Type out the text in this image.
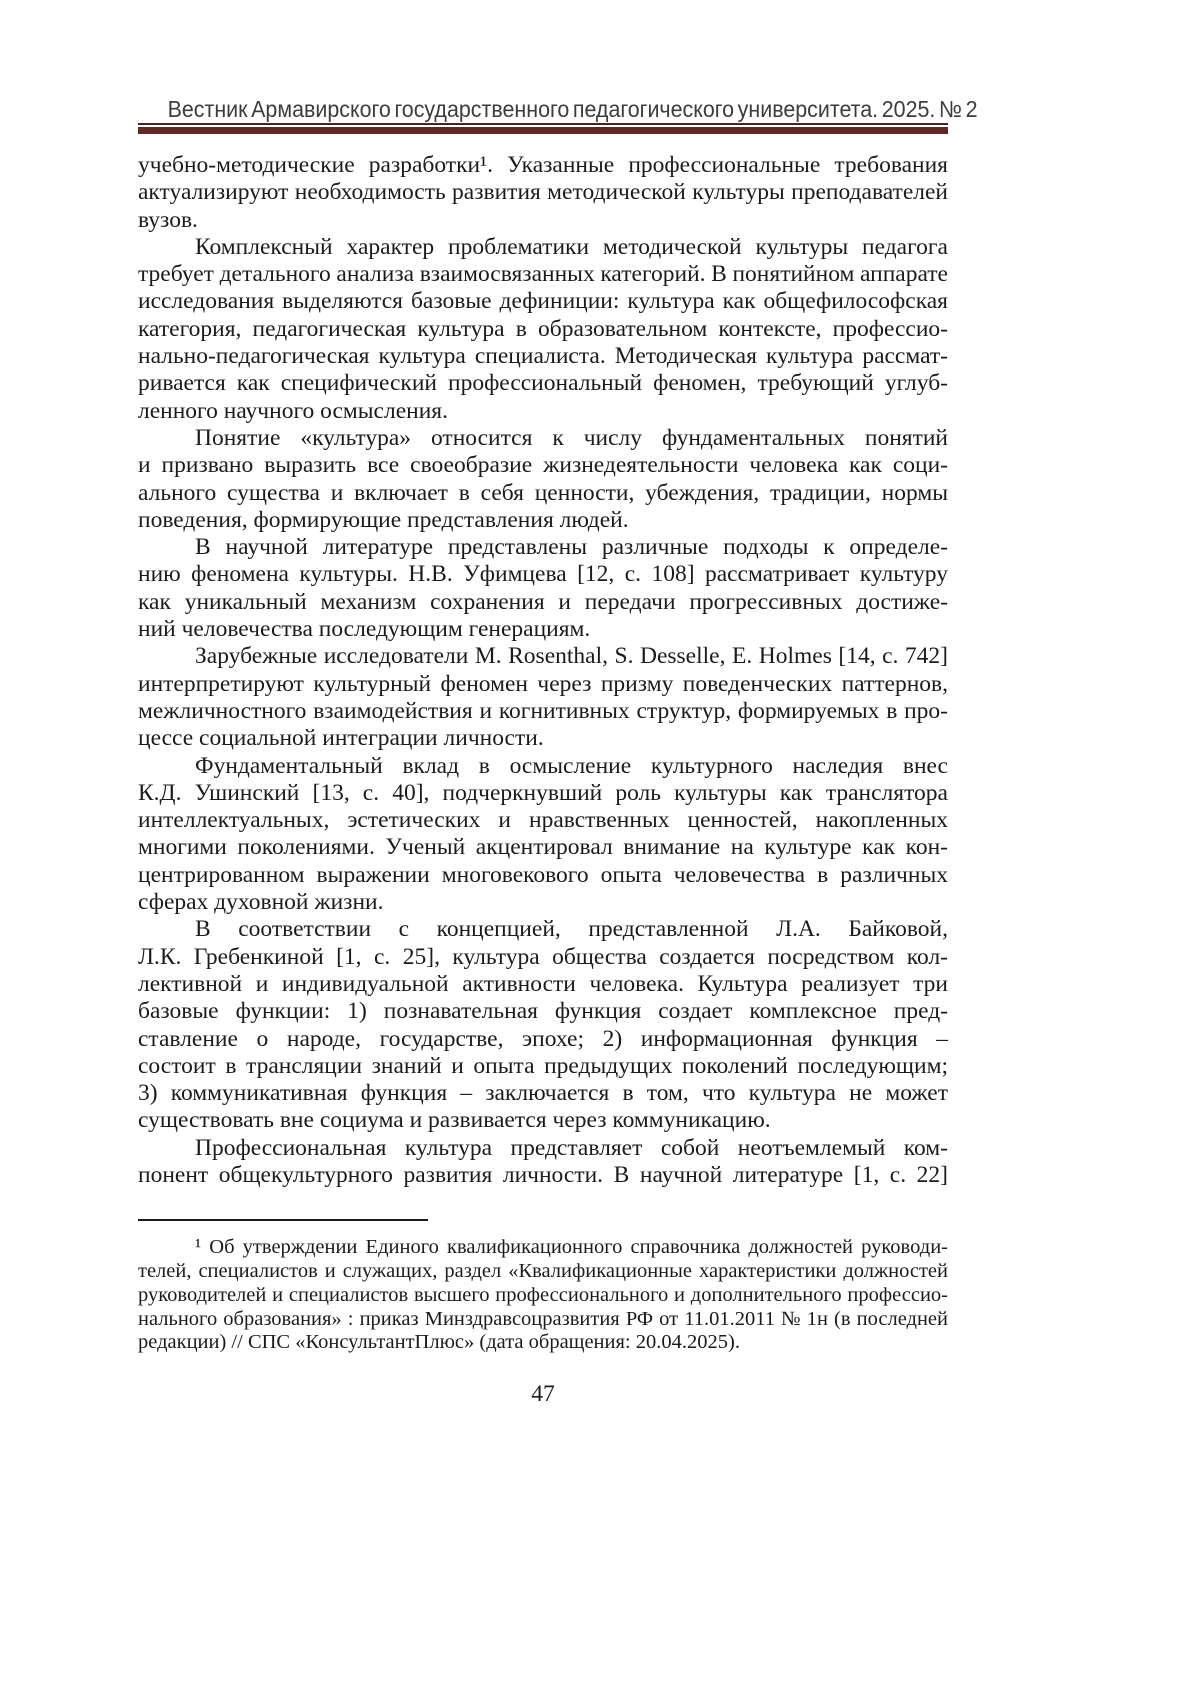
Вестник Армавирского государственного педагогического университета. 2025. № 2
учебно-методические разработки¹. Указанные профессиональные требования
актуализируют необходимость развития методической культуры преподавателей
вузов.
Комплексный характер проблематики методической культуры педагога
требует детального анализа взаимосвязанных категорий. В понятийном аппарате
исследования выделяются базовые дефиниции: культура как общефилософская
категория, педагогическая культура в образовательном контексте, профессио-
нально-педагогическая культура специалиста. Методическая культура рассмат-
ривается как специфический профессиональный феномен, требующий углуб-
ленного научного осмысления.
Понятие «культура» относится к числу фундаментальных понятий
и призвано выразить все своеобразие жизнедеятельности человека как соци-
ального существа и включает в себя ценности, убеждения, традиции, нормы
поведения, формирующие представления людей.
В научной литературе представлены различные подходы к определе-
нию феномена культуры. Н.В. Уфимцева [12, с. 108] рассматривает культуру
как уникальный механизм сохранения и передачи прогрессивных достиже-
ний человечества последующим генерациям.
Зарубежные исследователи M. Rosenthal, S. Desselle, E. Holmes [14, с. 742]
интерпретируют культурный феномен через призму поведенческих паттернов,
межличностного взаимодействия и когнитивных структур, формируемых в про-
цессе социальной интеграции личности.
Фундаментальный вклад в осмысление культурного наследия внес
К.Д. Ушинский [13, с. 40], подчеркнувший роль культуры как транслятора
интеллектуальных, эстетических и нравственных ценностей, накопленных
многими поколениями. Ученый акцентировал внимание на культуре как кон-
центрированном выражении многовекового опыта человечества в различных
сферах духовной жизни.
В соответствии с концепцией, представленной Л.А. Байковой,
Л.К. Гребенкиной [1, с. 25], культура общества создается посредством кол-
лективной и индивидуальной активности человека. Культура реализует три
базовые функции: 1) познавательная функция создает комплексное пред-
ставление о народе, государстве, эпохе; 2) информационная функция –
состоит в трансляции знаний и опыта предыдущих поколений последующим;
3) коммуникативная функция – заключается в том, что культура не может
существовать вне социума и развивается через коммуникацию.
Профессиональная культура представляет собой неотъемлемый ком-
понент общекультурного развития личности. В научной литературе [1, с. 22]
¹ Об утверждении Единого квалификационного справочника должностей руководи-
телей, специалистов и служащих, раздел «Квалификационные характеристики должностей
руководителей и специалистов высшего профессионального и дополнительного профессио-
нального образования» : приказ Минздравсоцразвития РФ от 11.01.2011 № 1н (в последней
редакции) // СПС «КонсультантПлюс» (дата обращения: 20.04.2025).
47
